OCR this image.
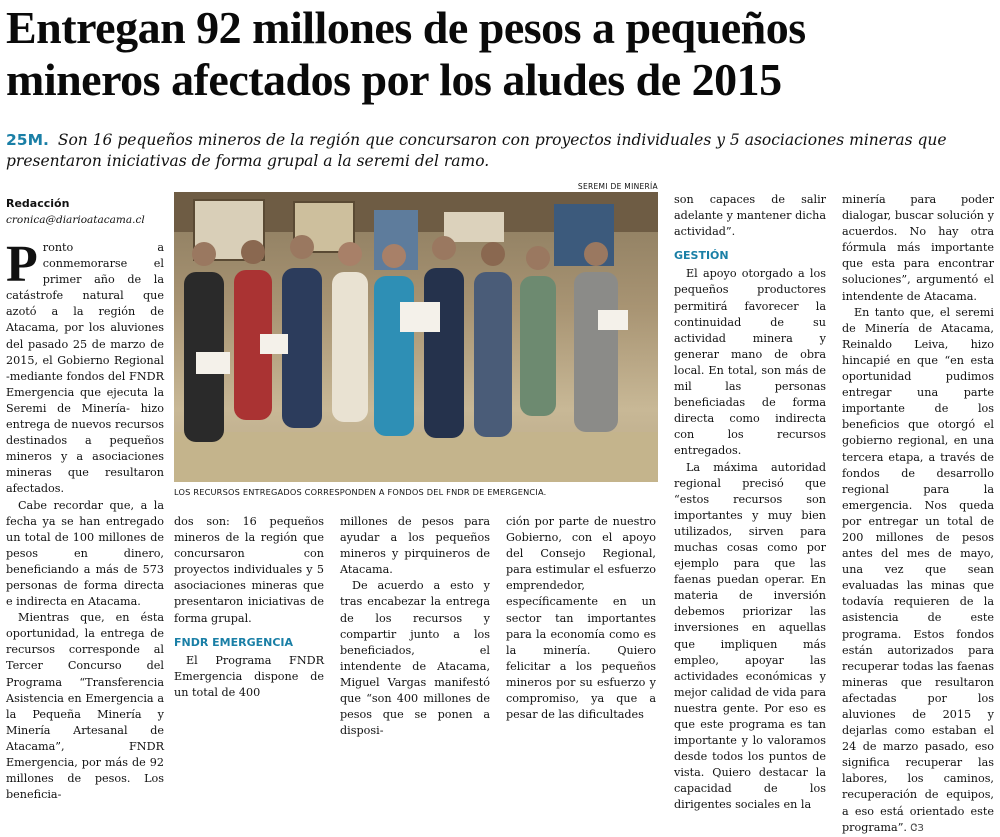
Entregan 92 millones de pesos a pequeños
mineros afectados por los aludes de 2015
25M. Son 16 pequeños mineros de la región que concursaron con proyectos individuales y 5 asociaciones mineras que presentaron iniciativas de forma grupal a la seremi del ramo.
Redacción
cronica@diarioatacama.cl

Pronto a conmemorarse el primer año de la catástrofe natural que azotó a la región de Atacama, por los aluviones del pasado 25 de marzo de 2015, el Gobierno Regional -mediante fondos del FNDR Emergencia que ejecuta la Seremi de Minería- hizo entrega de nuevos recursos destinados a pequeños mineros y a asociaciones mineras que resultaron afectados.

Cabe recordar que, a la fecha ya se han entregado un total de 100 millones de pesos en dinero, beneficiando a más de 573 personas de forma directa e indirecta en Atacama.

Mientras que, en ésta oportunidad, la entrega de recursos corresponde al Tercer Concurso del Programa “Transferencia Asistencia en Emergencia a la Pequeña Minería y Minería Artesanal de Atacama”, FNDR Emergencia, por más de 92 millones de pesos. Los beneficia-

SEREMI DE MINERÍA
LOS RECURSOS ENTREGADOS CORRESPONDEN A FONDOS DEL FNDR DE EMERGENCIA.

dos son: 16 pequeños mineros de la región que concursaron con proyectos individuales y 5 asociaciones mineras que presentaron iniciativas de forma grupal.

FNDR EMERGENCIA

El Programa FNDR Emergencia dispone de un total de 400

millones de pesos para ayudar a los pequeños mineros y pirquineros de Atacama.

De acuerdo a esto y tras encabezar la entrega de los recursos y compartir junto a los beneficiados, el intendente de Atacama, Miguel Vargas manifestó que “son 400 millones de pesos que se ponen a disposi-

ción por parte de nuestro Gobierno, con el apoyo del Consejo Regional, para estimular el esfuerzo emprendedor, específicamente en un sector tan importantes para la economía como es la minería. Quiero felicitar a los pequeños mineros por su esfuerzo y compromiso, ya que a pesar de las dificultades

son capaces de salir adelante y mantener dicha actividad”.

GESTIÓN

El apoyo otorgado a los pequeños productores permitirá favorecer la continuidad de su actividad minera y generar mano de obra local. En total, son más de mil las personas beneficiadas de forma directa como indirecta con los recursos entregados.

La máxima autoridad regional precisó que “estos recursos son importantes y muy bien utilizados, sirven para muchas cosas como por ejemplo para que las faenas puedan operar. En materia de inversión debemos priorizar las inversiones en aquellas que impliquen más empleo, apoyar las actividades económicas y mejor calidad de vida para nuestra gente. Por eso es que este programa es tan importante y lo valoramos desde todos los puntos de vista. Quiero destacar la capacidad de los dirigentes sociales en la

minería para poder dialogar, buscar solución y acuerdos. No hay otra fórmula más importante que esta para encontrar soluciones”, argumentó el intendente de Atacama.

En tanto que, el seremi de Minería de Atacama, Reinaldo Leiva, hizo hincapié en que “en esta oportunidad pudimos entregar una parte importante de los beneficios que otorgó el gobierno regional, en una tercera etapa, a través de fondos de desarrollo regional para la emergencia. Nos queda por entregar un total de 200 millones de pesos antes del mes de mayo, una vez que sean evaluadas las minas que todavía requieren de la asistencia de este programa. Estos fondos están autorizados para recuperar todas las faenas mineras que resultaron afectadas por los aluviones de 2015 y dejarlas como estaban el 24 de marzo pasado, eso significa recuperar las labores, los caminos, recuperación de equipos, a eso está orientado este programa”. ᏣЗ
